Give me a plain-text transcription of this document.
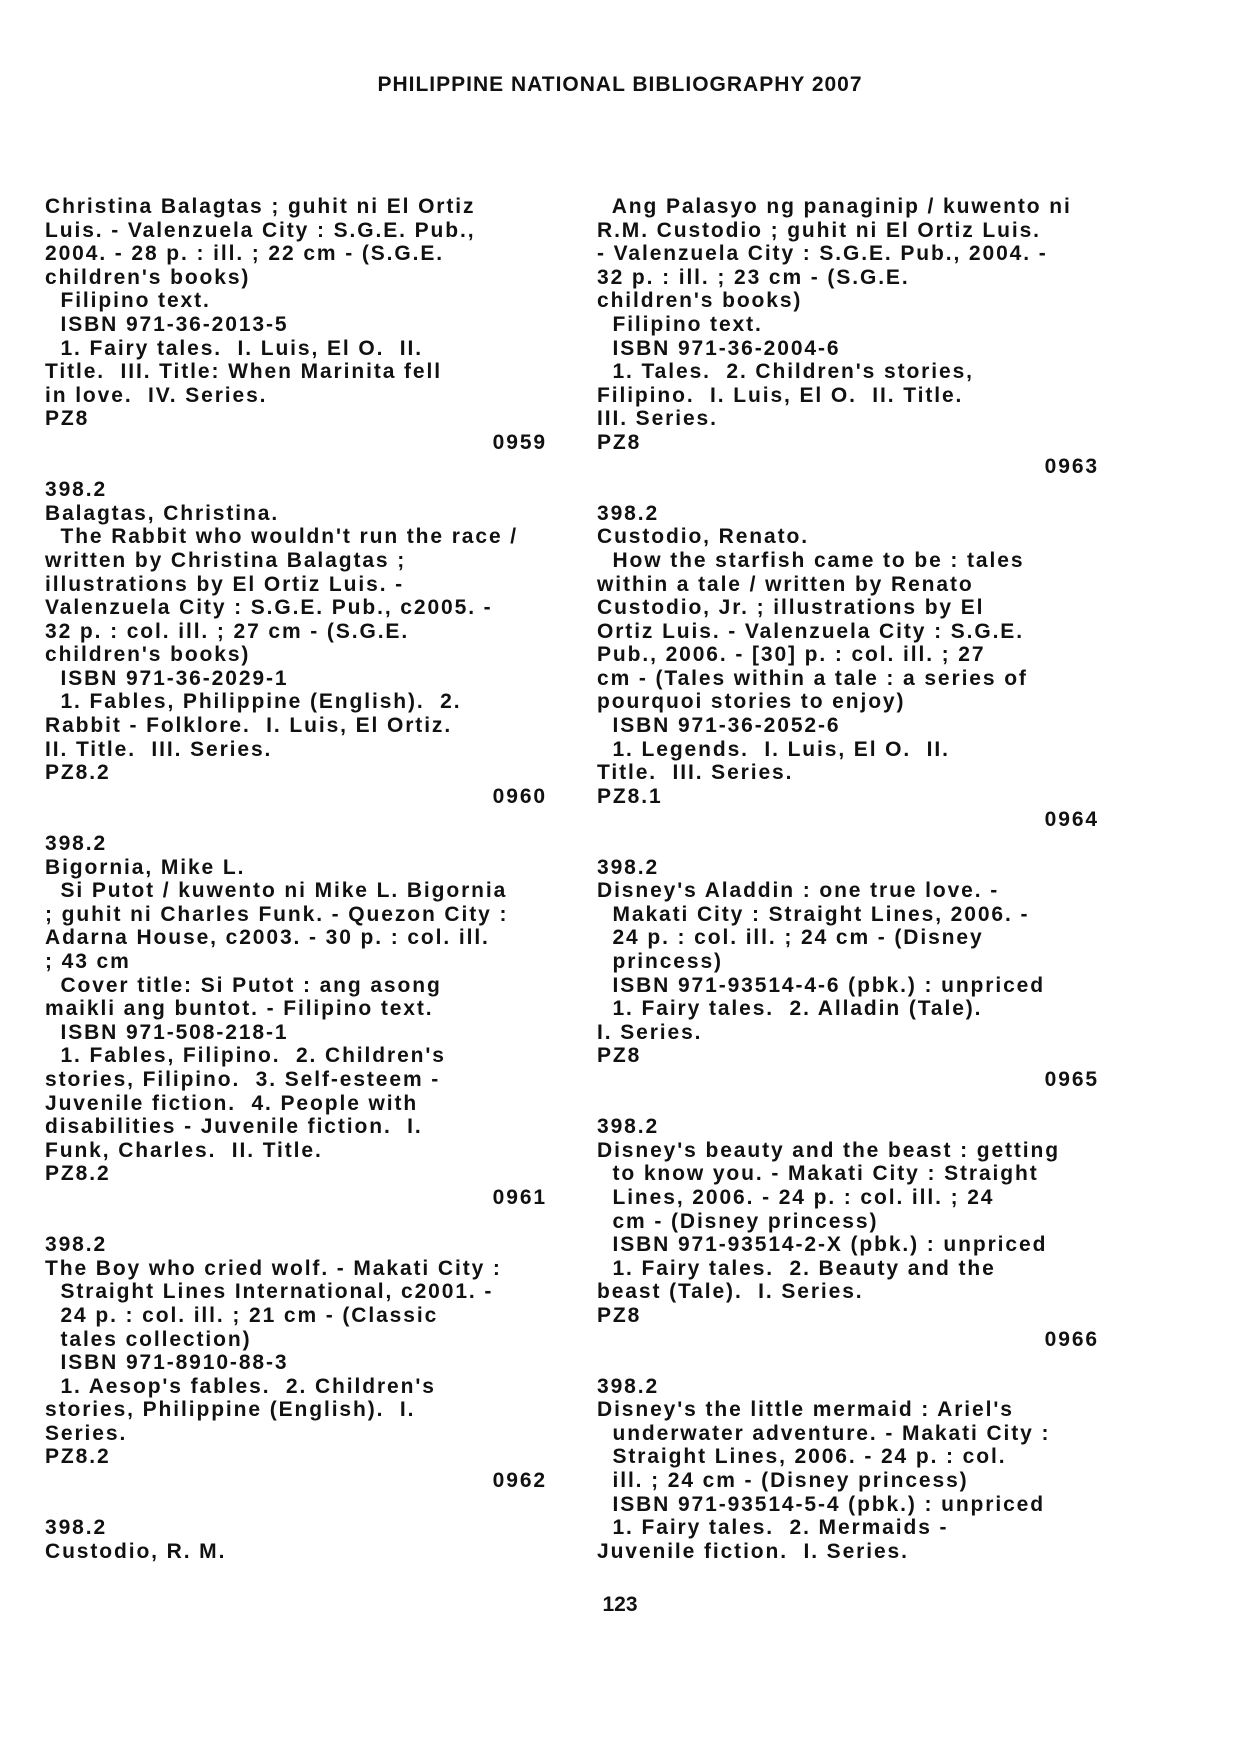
PHILIPPINE NATIONAL BIBLIOGRAPHY 2007
Christina Balagtas ; guhit ni El Ortiz
Luis. - Valenzuela City : S.G.E. Pub.,
2004. - 28 p. : ill. ; 22 cm - (S.G.E.
children's books)
Filipino text.
ISBN 971-36-2013-5
1. Fairy tales.  I. Luis, El O.  II.
Title.  III. Title: When Marinita fell
in love.  IV. Series.
PZ8
0959
398.2
Balagtas, Christina.
The Rabbit who wouldn't run the race /
written by Christina Balagtas ;
illustrations by El Ortiz Luis. -
Valenzuela City : S.G.E. Pub., c2005. -
32 p. : col. ill. ; 27 cm - (S.G.E.
children's books)
ISBN 971-36-2029-1
1. Fables, Philippine (English).  2.
Rabbit - Folklore.  I. Luis, El Ortiz.
II. Title.  III. Series.
PZ8.2
0960
398.2
Bigornia, Mike L.
Si Putot / kuwento ni Mike L. Bigornia
; guhit ni Charles Funk. - Quezon City :
Adarna House, c2003. - 30 p. : col. ill.
; 43 cm
Cover title: Si Putot : ang asong
maikli ang buntot. - Filipino text.
ISBN 971-508-218-1
1. Fables, Filipino.  2. Children's
stories, Filipino.  3. Self-esteem -
Juvenile fiction.  4. People with
disabilities - Juvenile fiction.  I.
Funk, Charles.  II. Title.
PZ8.2
0961
398.2
The Boy who cried wolf. - Makati City :
Straight Lines International, c2001. -
24 p. : col. ill. ; 21 cm - (Classic
tales collection)
ISBN 971-8910-88-3
1. Aesop's fables.  2. Children's
stories, Philippine (English).  I.
Series.
PZ8.2
0962
398.2
Custodio, R. M.
Ang Palasyo ng panaginip / kuwento ni
R.M. Custodio ; guhit ni El Ortiz Luis.
- Valenzuela City : S.G.E. Pub., 2004. -
32 p. : ill. ; 23 cm - (S.G.E.
children's books)
Filipino text.
ISBN 971-36-2004-6
1. Tales.  2. Children's stories,
Filipino.  I. Luis, El O.  II. Title.
III. Series.
PZ8
0963
398.2
Custodio, Renato.
How the starfish came to be : tales
within a tale / written by Renato
Custodio, Jr. ; illustrations by El
Ortiz Luis. - Valenzuela City : S.G.E.
Pub., 2006. - [30] p. : col. ill. ; 27
cm - (Tales within a tale : a series of
pourquoi stories to enjoy)
ISBN 971-36-2052-6
1. Legends.  I. Luis, El O.  II.
Title.  III. Series.
PZ8.1
0964
398.2
Disney's Aladdin : one true love. -
Makati City : Straight Lines, 2006. -
24 p. : col. ill. ; 24 cm - (Disney
princess)
ISBN 971-93514-4-6 (pbk.) : unpriced
1. Fairy tales.  2. Alladin (Tale).
I. Series.
PZ8
0965
398.2
Disney's beauty and the beast : getting
to know you. - Makati City : Straight
Lines, 2006. - 24 p. : col. ill. ; 24
cm - (Disney princess)
ISBN 971-93514-2-X (pbk.) : unpriced
1. Fairy tales.  2. Beauty and the
beast (Tale).  I. Series.
PZ8
0966
398.2
Disney's the little mermaid : Ariel's
underwater adventure. - Makati City :
Straight Lines, 2006. - 24 p. : col.
ill. ; 24 cm - (Disney princess)
ISBN 971-93514-5-4 (pbk.) : unpriced
1. Fairy tales.  2. Mermaids -
Juvenile fiction.  I. Series.
123
